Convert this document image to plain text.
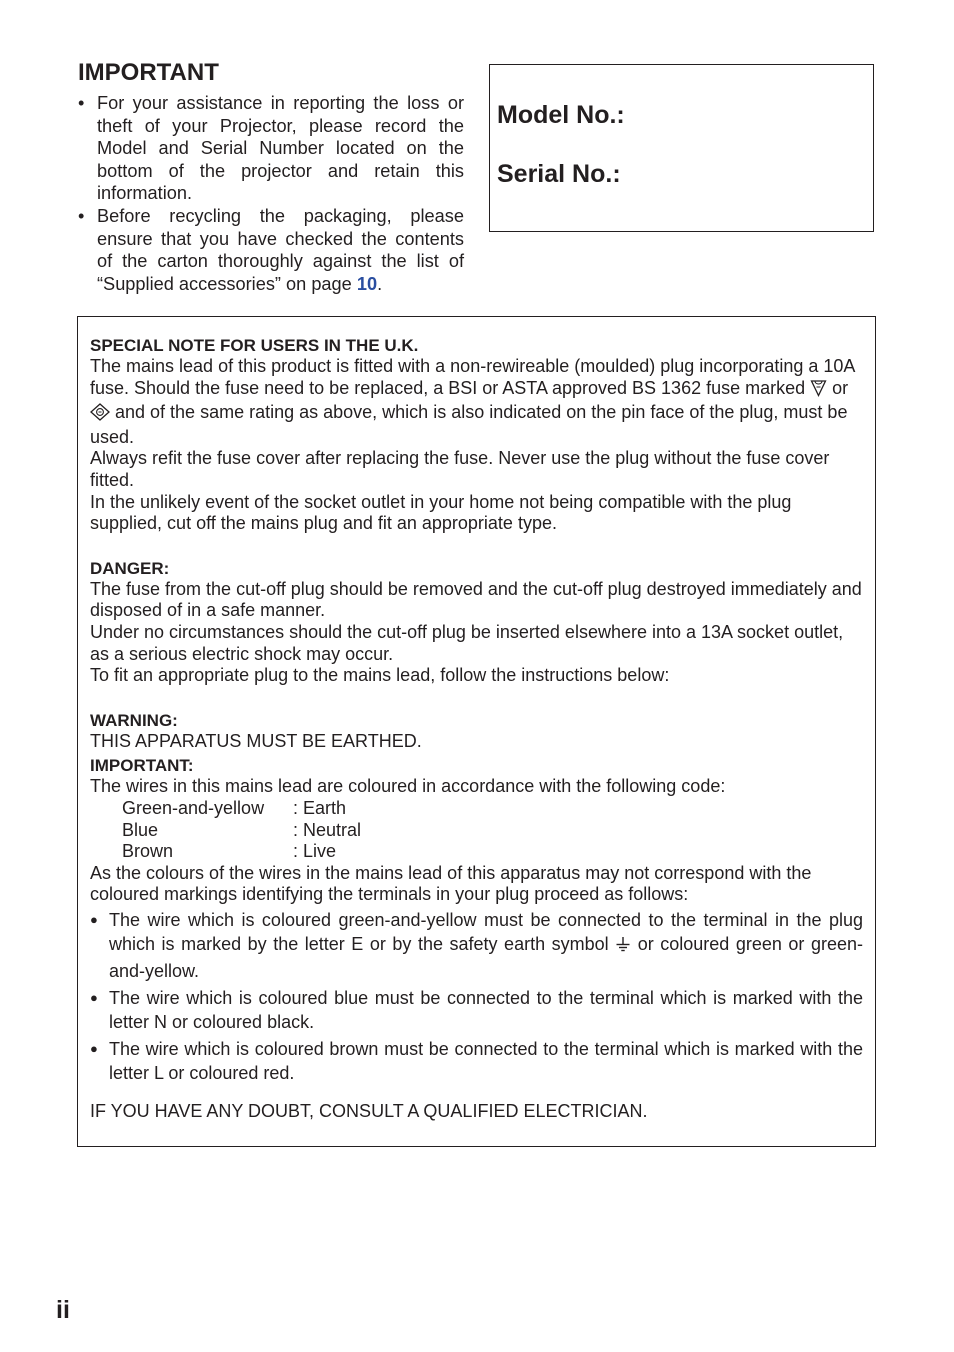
IMPORTANT
• For your assistance in reporting the loss or theft of your Projector, please record the Model and Serial Number located on the bottom of the projector and retain this information.
• Before recycling the packaging, please ensure that you have checked the contents of the carton thoroughly against the list of “Supplied accessories” on page 10.
Model No.:
Serial No.:
SPECIAL NOTE FOR USERS IN THE U.K.

The mains lead of this product is fitted with a non-rewireable (moulded) plug incorporating a 10A fuse. Should the fuse need to be replaced, a BSI or ASTA approved BS 1362 fuse marked  or  and of the same rating as above, which is also indicated on the pin face of the plug, must be used.

Always refit the fuse cover after replacing the fuse. Never use the plug without the fuse cover fitted.

In the unlikely event of the socket outlet in your home not being compatible with the plug supplied, cut off the mains plug and fit an appropriate type.

DANGER:

The fuse from the cut-off plug should be removed and the cut-off plug destroyed immediately and disposed of in a safe manner.

Under no circumstances should the cut-off plug be inserted elsewhere into a 13A socket outlet, as a serious electric shock may occur.

To fit an appropriate plug to the mains lead, follow the instructions below:

WARNING:

THIS APPARATUS MUST BE EARTHED.

IMPORTANT:

The wires in this mains lead are coloured in accordance with the following code:

Green-and-yellow	: Earth
Blue	: Neutral
Brown	: Live

As the colours of the wires in the mains lead of this apparatus may not correspond with the coloured markings identifying the terminals in your plug proceed as follows:

● The wire which is coloured green-and-yellow must be connected to the terminal in the plug which is marked by the letter E or by the safety earth symbol  or coloured green or green-and-yellow.
● The wire which is coloured blue must be connected to the terminal which is marked with the letter N or coloured black.
● The wire which is coloured brown must be connected to the terminal which is marked with the letter L or coloured red.

IF YOU HAVE ANY DOUBT, CONSULT A QUALIFIED ELECTRICIAN.

ii
